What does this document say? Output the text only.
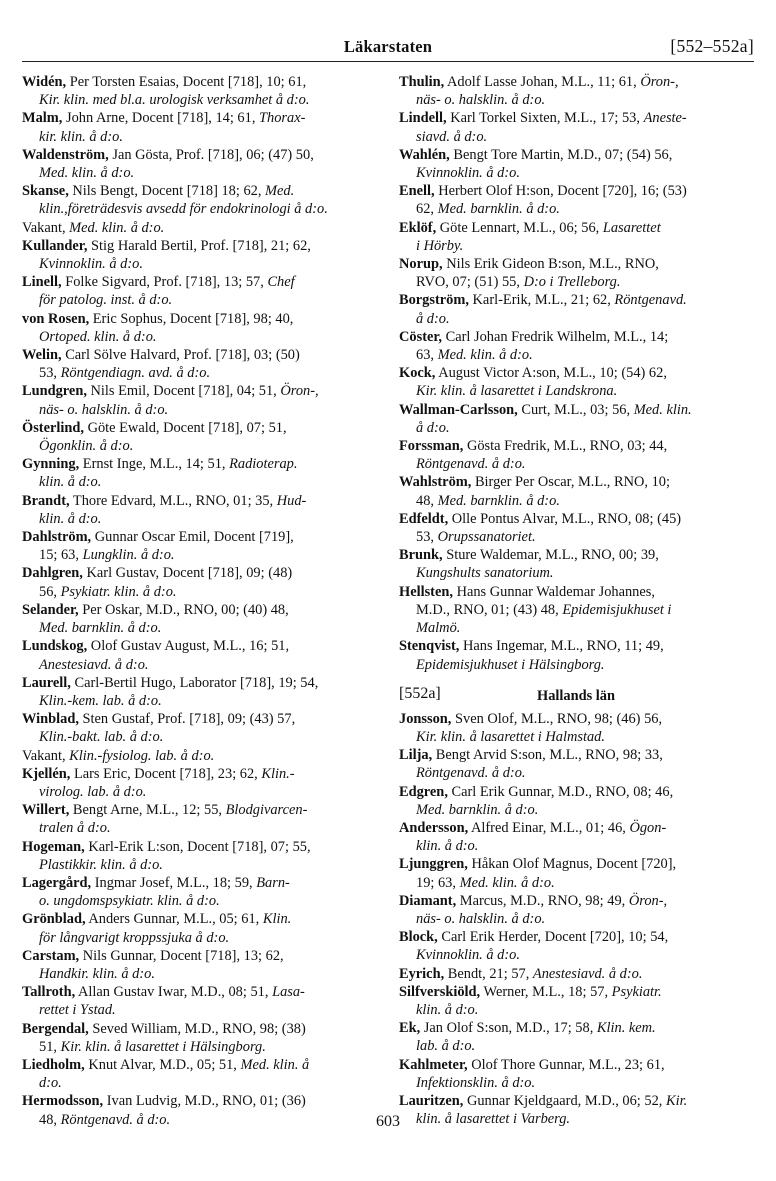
Läkarstaten	[552–552a]
Widén, Per Torsten Esaias, Docent [718], 10; 61,
Kir. klin. med bl.a. urologisk verksamhet å d:o.
Malm, John Arne, Docent [718], 14; 61, Thorax-
kir. klin. å d:o.
Waldenström, Jan Gösta, Prof. [718], 06; (47) 50,
Med. klin. å d:o.
Skanse, Nils Bengt, Docent [718] 18; 62, Med.
klin.,företrädesvis avsedd för endokrinologi å d:o.
Vakant, Med. klin. å d:o.
Kullander, Stig Harald Bertil, Prof. [718], 21; 62,
Kvinnoklin. å d:o.
Linell, Folke Sigvard, Prof. [718], 13; 57, Chef
för patolog. inst. å d:o.
von Rosen, Eric Sophus, Docent [718], 98; 40,
Ortoped. klin. å d:o.
Welin, Carl Sölve Halvard, Prof. [718], 03; (50)
53, Röntgendiagn. avd. å d:o.
Lundgren, Nils Emil, Docent [718], 04; 51, Öron-,
näs- o. halsklin. å d:o.
Österlind, Göte Ewald, Docent [718], 07; 51,
Ögonklin. å d:o.
Gynning, Ernst Inge, M.L., 14; 51, Radioterap.
klin. å d:o.
Brandt, Thore Edvard, M.L., RNO, 01; 35, Hud-
klin. å d:o.
Dahlström, Gunnar Oscar Emil, Docent [719],
15; 63, Lungklin. å d:o.
Dahlgren, Karl Gustav, Docent [718], 09; (48)
56, Psykiatr. klin. å d:o.
Selander, Per Oskar, M.D., RNO, 00; (40) 48,
Med. barnklin. å d:o.
Lundskog, Olof Gustav August, M.L., 16; 51,
Anestesiavd. å d:o.
Laurell, Carl-Bertil Hugo, Laborator [718], 19; 54,
Klin.-kem. lab. å d:o.
Winblad, Sten Gustaf, Prof. [718], 09; (43) 57,
Klin.-bakt. lab. å d:o.
Vakant, Klin.-fysiolog. lab. å d:o.
Kjellén, Lars Eric, Docent [718], 23; 62, Klin.-
virolog. lab. å d:o.
Willert, Bengt Arne, M.L., 12; 55, Blodgivarcen-
tralen å d:o.
Hogeman, Karl-Erik L:son, Docent [718], 07; 55,
Plastikkir. klin. å d:o.
Lagergård, Ingmar Josef, M.L., 18; 59, Barn-
o. ungdomspsykiatr. klin. å d:o.
Grönblad, Anders Gunnar, M.L., 05; 61, Klin.
för långvarigt kroppssjuka å d:o.
Carstam, Nils Gunnar, Docent [718], 13; 62,
Handkir. klin. å d:o.
Tallroth, Allan Gustav Iwar, M.D., 08; 51, Lasa-
rettet i Ystad.
Bergendal, Seved William, M.D., RNO, 98; (38)
51, Kir. klin. å lasarettet i Hälsingborg.
Liedholm, Knut Alvar, M.D., 05; 51, Med. klin. å
d:o.
Hermodsson, Ivan Ludvig, M.D., RNO, 01; (36)
48, Röntgenavd. å d:o.
Thulin, Adolf Lasse Johan, M.L., 11; 61, Öron-,
näs- o. halsklin. å d:o.
Lindell, Karl Torkel Sixten, M.L., 17; 53, Aneste-
siavd. å d:o.
Wahlén, Bengt Tore Martin, M.D., 07; (54) 56,
Kvinnoklin. å d:o.
Enell, Herbert Olof H:son, Docent [720], 16; (53)
62, Med. barnklin. å d:o.
Eklöf, Göte Lennart, M.L., 06; 56, Lasarettet
i Hörby.
Norup, Nils Erik Gideon B:son, M.L., RNO,
RVO, 07; (51) 55, D:o i Trelleborg.
Borgström, Karl-Erik, M.L., 21; 62, Röntgenavd.
å d:o.
Cöster, Carl Johan Fredrik Wilhelm, M.L., 14;
63, Med. klin. å d:o.
Kock, August Victor A:son, M.L., 10; (54) 62,
Kir. klin. å lasarettet i Landskrona.
Wallman-Carlsson, Curt, M.L., 03; 56, Med. klin.
å d:o.
Forssman, Gösta Fredrik, M.L., RNO, 03; 44,
Röntgenavd. å d:o.
Wahlström, Birger Per Oscar, M.L., RNO, 10;
48, Med. barnklin. å d:o.
Edfeldt, Olle Pontus Alvar, M.L., RNO, 08; (45)
53, Orupssanatoriet.
Brunk, Sture Waldemar, M.L., RNO, 00; 39,
Kungshults sanatorium.
Hellsten, Hans Gunnar Waldemar Johannes,
M.D., RNO, 01; (43) 48, Epidemisjukhuset i
Malmö.
Stenqvist, Hans Ingemar, M.L., RNO, 11; 49,
Epidemisjukhuset i Hälsingborg.
[552a]	Hallands län
Jonsson, Sven Olof, M.L., RNO, 98; (46) 56,
Kir. klin. å lasarettet i Halmstad.
Lilja, Bengt Arvid S:son, M.L., RNO, 98; 33,
Röntgenavd. å d:o.
Edgren, Carl Erik Gunnar, M.D., RNO, 08; 46,
Med. barnklin. å d:o.
Andersson, Alfred Einar, M.L., 01; 46, Ögon-
klin. å d:o.
Ljunggren, Håkan Olof Magnus, Docent [720],
19; 63, Med. klin. å d:o.
Diamant, Marcus, M.D., RNO, 98; 49, Öron-,
näs- o. halsklin. å d:o.
Block, Carl Erik Herder, Docent [720], 10; 54,
Kvinnoklin. å d:o.
Eyrich, Bendt, 21; 57, Anestesiavd. å d:o.
Silfverskiöld, Werner, M.L., 18; 57, Psykiatr.
klin. å d:o.
Ek, Jan Olof S:son, M.D., 17; 58, Klin. kem.
lab. å d:o.
Kahlmeter, Olof Thore Gunnar, M.L., 23; 61,
Infektionsklin. å d:o.
Lauritzen, Gunnar Kjeldgaard, M.D., 06; 52, Kir.
klin. å lasarettet i Varberg.
603
